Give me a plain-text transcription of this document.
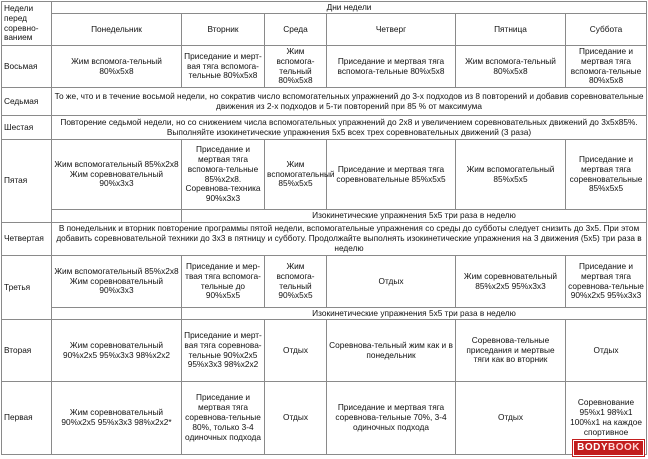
Недели перед соревно-ванием	Дни недели					
	Понедельник	Вторник	Среда	Четверг	Пятница	Суббота
Восьмая	Жим вспомога-тельный 80%х5х8	Приседание и мерт-вая тяга вспомога-тельные 80%х5х8	Жим вспомога-тельный 80%х5х8	Приседание и мертвая тяга вспомога-тельные 80%х5х8	Жим вспомога-тельный 80%х5х8	Приседание и мертвая тяга вспомога-тельные 80%х5х8
Седьмая	То же, что и в течение восьмой недели, но сократив число вспомогательных упражнений до 3-х подходов из 8 повторений и добавив соревновательные движения из 2-х подходов и 5-ти повторений при 85 % от максимума					
Шестая	Повторение седьмой недели, но со снижением числа вспомогательных упражнений до 2х8 и увеличением соревновательных движений до 3х5х85%. Выполняйте изокинетические упражнения 5х5 всех трех соревновательных движений (3 раза)					
Пятая	Жим вспомогательный 85%х2х8 Жим соревновательный 90%х3х3	Приседание и мертвая тяга вспомога-тельные 85%х2х8. Соревнова-техника 90%х3х3	Жим вспомогательный 85%х5х5	Приседание и мертвая тяга соревновательные 85%х5х5	Жим вспомогательный 85%х5х5	Приседание и мертвая тяга соревновательные 85%х5х5
		Изокинетические упражнения 5х5 три раза в неделю				
Четвертая	В понедельник и вторник повторение программы пятой недели, вспомогательные упражнения со среды до субботы следует снизить до 3х5. При этом добавить соревновательной техники до 3х3 в пятницу и субботу. Продолжайте выполнять изокинетические упражнения на 3 движения (5х5) три раза в неделю					
Третья	Жим вспомогательный 85%х2х8 Жим соревновательный 90%х3х3	Приседание и мер-твая тяга вспомога-тельные до 90%х5х5	Жим вспомога-тельный 90%х5х5	Отдых	Жим соревновательный 85%х2х5 95%х3х3	Приседание и мертвая тяга соревнова-тельные 90%х2х5 95%х3х3
		Изокинетические упражнения 5х5 три раза в неделю				
Вторая	Жим соревновательный 90%х2х5 95%х3х3 98%х2х2	Приседание и мерт-вая тяга соревнова-тельные 90%х2х5 95%х3х3 98%х2х2	Отдых	Соревнова-тельный жим как и в понедельник	Соревнова-тельные приседания и мертвые тяги как во вторник	Отдых
Первая	Жим соревновательный 90%х2х5 95%х3х3 98%х2х2*	Приседание и мертвая тяга соревнова-тельные 80%, только 3-4 одиночных подхода	Отдых	Приседание и мертвая тяга соревнова-тельные 70%, 3-4 одиночных подхода	Отдых	Соревнование 95%х1 98%х1 100%х1 на каждое спортивное
BODYBOOK
